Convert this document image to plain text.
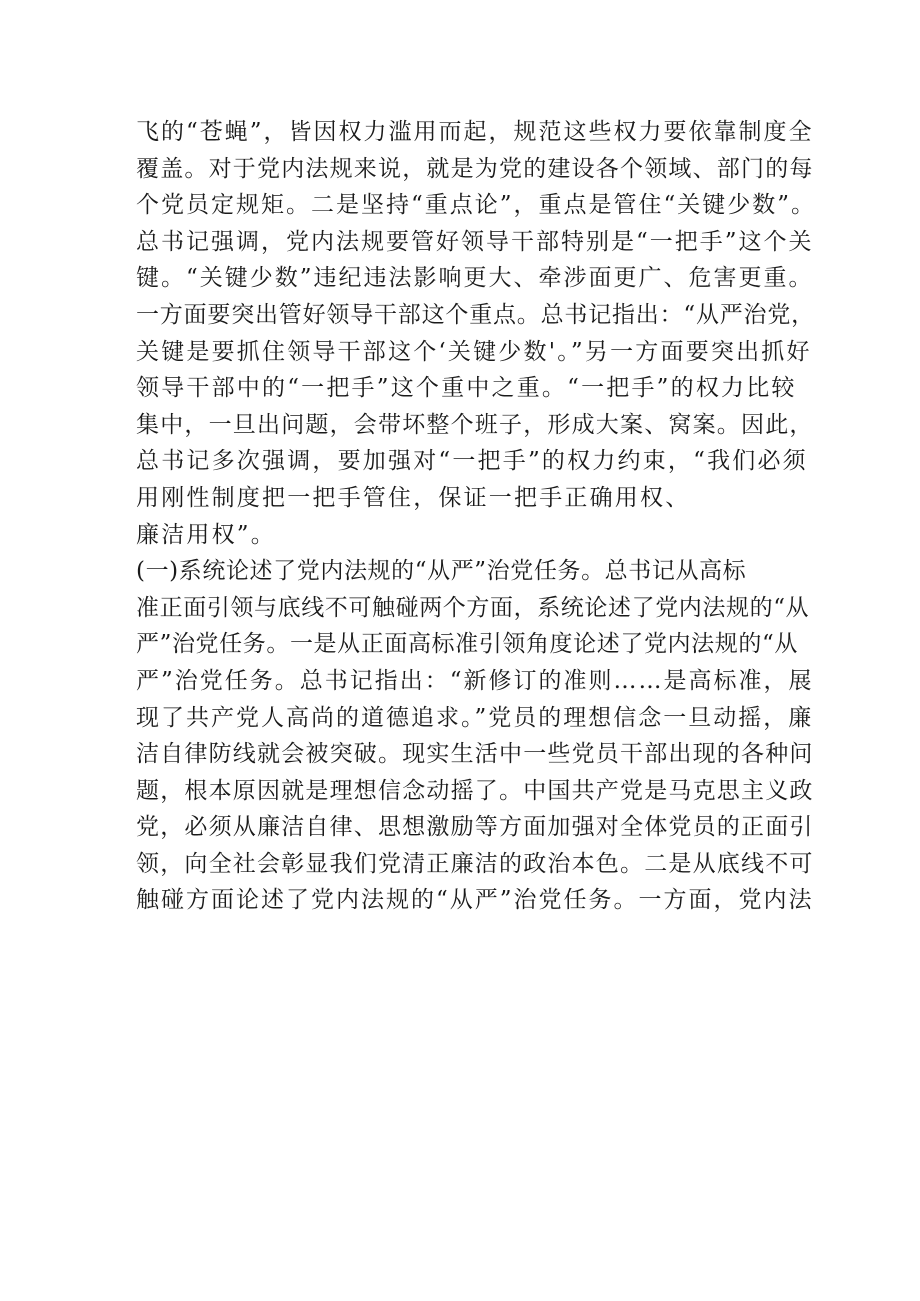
飞的“苍蝇”，皆因权力滥用而起，规范这些权力要依靠制度全
覆盖。对于党内法规来说，就是为党的建设各个领域、部门的每
个党员定规矩。二是坚持“重点论”，重点是管住“关键少数”。
总书记强调，党内法规要管好领导干部特别是“一把手”这个关
键。“关键少数”违纪违法影响更大、牵涉面更广、危害更重。
一方面要突出管好领导干部这个重点。总书记指出：“从严治党，
关键是要抓住领导干部这个‘关键少数'。”另一方面要突出抓好
领导干部中的“一把手”这个重中之重。“一把手”的权力比较
集中，一旦出问题，会带坏整个班子，形成大案、窝案。因此，
总书记多次强调，要加强对“一把手”的权力约束，“我们必须
用刚性制度把一把手管住，保证一把手正确用权、
廉洁用权”。
(一)系统论述了党内法规的“从严”治党任务。总书记从高标
准正面引领与底线不可触碰两个方面，系统论述了党内法规的“从
严”治党任务。一是从正面高标准引领角度论述了党内法规的“从
严”治党任务。总书记指出：“新修订的准则……是高标准，展
现了共产党人高尚的道德追求。”党员的理想信念一旦动摇，廉
洁自律防线就会被突破。现实生活中一些党员干部出现的各种问
题，根本原因就是理想信念动摇了。中国共产党是马克思主义政
党，必须从廉洁自律、思想激励等方面加强对全体党员的正面引
领，向全社会彰显我们党清正廉洁的政治本色。二是从底线不可
触碰方面论述了党内法规的“从严”治党任务。一方面，党内法
